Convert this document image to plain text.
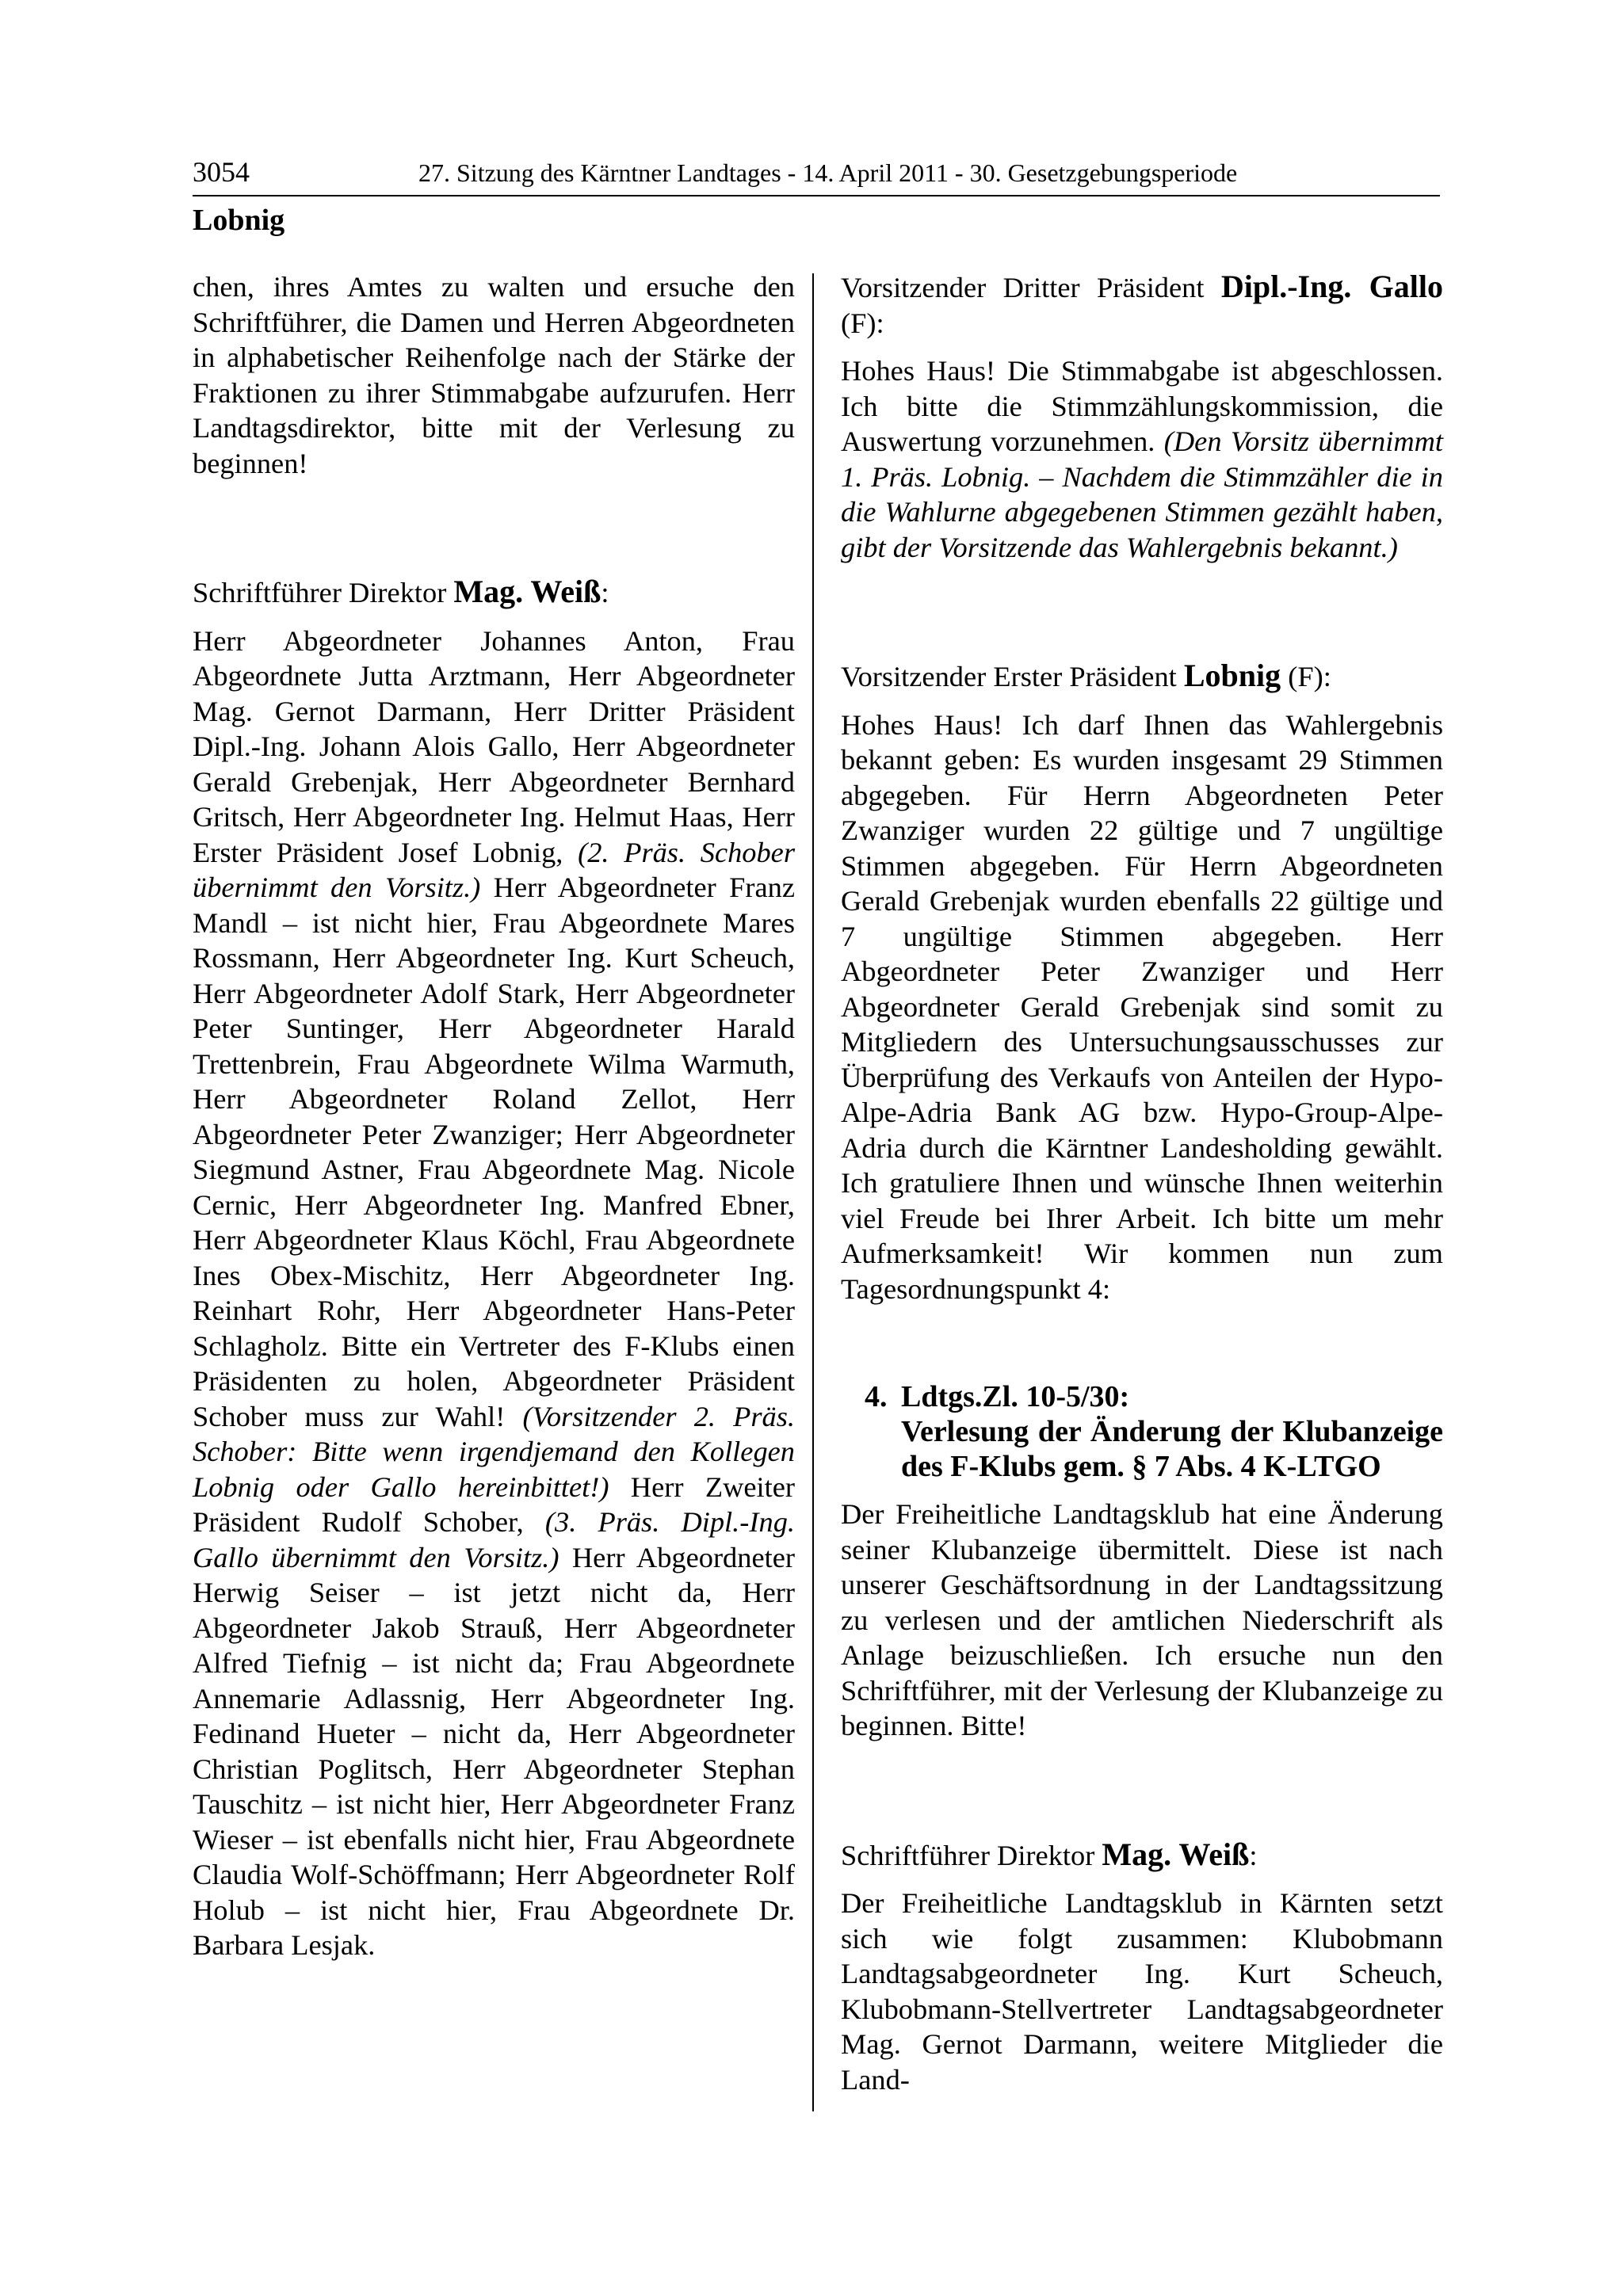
3054	27. Sitzung des Kärntner Landtages - 14. April 2011 - 30. Gesetzgebungsperiode
Lobnig

chen, ihres Amtes zu walten und ersuche den Schriftführer, die Damen und Herren Abgeordneten in alphabetischer Reihenfolge nach der Stärke der Fraktionen zu ihrer Stimmabgabe aufzurufen. Herr Landtagsdirektor, bitte mit der Verlesung zu beginnen!

Schriftführer Direktor Mag. Weiß:

Herr Abgeordneter Johannes Anton, Frau Abgeordnete Jutta Arztmann, Herr Abgeordneter Mag. Gernot Darmann, Herr Dritter Präsident Dipl.-Ing. Johann Alois Gallo, Herr Abgeordneter Gerald Grebenjak, Herr Abgeordneter Bernhard Gritsch, Herr Abgeordneter Ing. Helmut Haas, Herr Erster Präsident Josef Lobnig, (2. Präs. Schober übernimmt den Vorsitz.) Herr Abgeordneter Franz Mandl – ist nicht hier, Frau Abgeordnete Mares Rossmann, Herr Abgeordneter Ing. Kurt Scheuch, Herr Abgeordneter Adolf Stark, Herr Abgeordneter Peter Suntinger, Herr Abgeordneter Harald Trettenbrein, Frau Abgeordnete Wilma Warmuth, Herr Abgeordneter Roland Zellot, Herr Abgeordneter Peter Zwanziger; Herr Abgeordneter Siegmund Astner, Frau Abgeordnete Mag. Nicole Cernic, Herr Abgeordneter Ing. Manfred Ebner, Herr Abgeordneter Klaus Köchl, Frau Abgeordnete Ines Obex-Mischitz, Herr Abgeordneter Ing. Reinhart Rohr, Herr Abgeordneter Hans-Peter Schlagholz. Bitte ein Vertreter des F-Klubs einen Präsidenten zu holen, Abgeordneter Präsident Schober muss zur Wahl! (Vorsitzender 2. Präs. Schober: Bitte wenn irgendjemand den Kollegen Lobnig oder Gallo hereinbittet!) Herr Zweiter Präsident Rudolf Schober, (3. Präs. Dipl.-Ing. Gallo übernimmt den Vorsitz.) Herr Abgeordneter Herwig Seiser – ist jetzt nicht da, Herr Abgeordneter Jakob Strauß, Herr Abgeordneter Alfred Tiefnig – ist nicht da; Frau Abgeordnete Annemarie Adlassnig, Herr Abgeordneter Ing. Fedinand Hueter – nicht da, Herr Abgeordneter Christian Poglitsch, Herr Abgeordneter Stephan Tauschitz – ist nicht hier, Herr Abgeordneter Franz Wieser – ist ebenfalls nicht hier, Frau Abgeordnete Claudia Wolf-Schöffmann; Herr Abgeordneter Rolf Holub – ist nicht hier, Frau Abgeordnete Dr. Barbara Lesjak.

Vorsitzender Dritter Präsident Dipl.-Ing. Gallo (F):

Hohes Haus! Die Stimmabgabe ist abgeschlossen. Ich bitte die Stimmzählungskommission, die Auswertung vorzunehmen. (Den Vorsitz übernimmt 1. Präs. Lobnig. – Nachdem die Stimmzähler die in die Wahlurne abgegebenen Stimmen gezählt haben, gibt der Vorsitzende das Wahlergebnis bekannt.)

Vorsitzender Erster Präsident Lobnig (F):

Hohes Haus! Ich darf Ihnen das Wahlergebnis bekannt geben: Es wurden insgesamt 29 Stimmen abgegeben. Für Herrn Abgeordneten Peter Zwanziger wurden 22 gültige und 7 ungültige Stimmen abgegeben. Für Herrn Abgeordneten Gerald Grebenjak wurden ebenfalls 22 gültige und 7 ungültige Stimmen abgegeben. Herr Abgeordneter Peter Zwanziger und Herr Abgeordneter Gerald Grebenjak sind somit zu Mitgliedern des Untersuchungsausschusses zur Überprüfung des Verkaufs von Anteilen der Hypo-Alpe-Adria Bank AG bzw. Hypo-Group-Alpe-Adria durch die Kärntner Landesholding gewählt. Ich gratuliere Ihnen und wünsche Ihnen weiterhin viel Freude bei Ihrer Arbeit. Ich bitte um mehr Aufmerksamkeit! Wir kommen nun zum Tagesordnungspunkt 4:

4. Ldtgs.Zl. 10-5/30:
Verlesung der Änderung der Klubanzeige des F-Klubs gem. § 7 Abs. 4 K-LTGO

Der Freiheitliche Landtagsklub hat eine Änderung seiner Klubanzeige übermittelt. Diese ist nach unserer Geschäftsordnung in der Landtagssitzung zu verlesen und der amtlichen Niederschrift als Anlage beizuschließen. Ich ersuche nun den Schriftführer, mit der Verlesung der Klubanzeige zu beginnen. Bitte!

Schriftführer Direktor Mag. Weiß:

Der Freiheitliche Landtagsklub in Kärnten setzt sich wie folgt zusammen: Klubobmann Landtagsabgeordneter Ing. Kurt Scheuch, Klubobmann-Stellvertreter Landtagsabgeordneter Mag. Gernot Darmann, weitere Mitglieder die Land-
